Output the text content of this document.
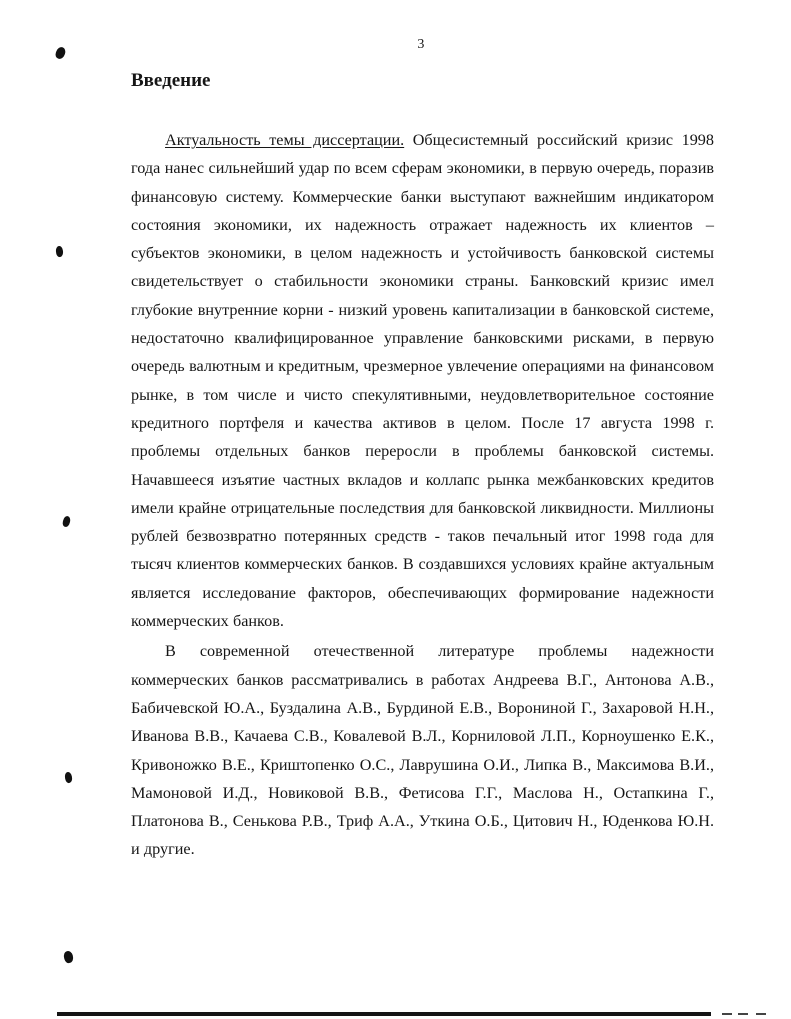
3
Введение

Актуальность темы диссертации. Общесистемный российский кризис 1998 года нанес сильнейший удар по всем сферам экономики, в первую очередь, поразив финансовую систему. Коммерческие банки выступают важнейшим индикатором состояния экономики, их надежность отражает надежность их клиентов – субъектов экономики, в целом надежность и устойчивость банковской системы свидетельствует о стабильности экономики страны. Банковский кризис имел глубокие внутренние корни - низкий уровень капитализации в банковской системе, недостаточно квалифицированное управление банковскими рисками, в первую очередь валютным и кредитным, чрезмерное увлечение операциями на финансовом рынке, в том числе и чисто спекулятивными, неудовлетворительное состояние кредитного портфеля и качества активов в целом. После 17 августа 1998 г. проблемы отдельных банков переросли в проблемы банковской системы. Начавшееся изъятие частных вкладов и коллапс рынка межбанковских кредитов имели крайне отрицательные последствия для банковской ликвидности. Миллионы рублей безвозвратно потерянных средств - таков печальный итог 1998 года для тысяч клиентов коммерческих банков. В создавшихся условиях крайне актуальным является исследование факторов, обеспечивающих формирование надежности коммерческих банков.

В современной отечественной литературе проблемы надежности коммерческих банков рассматривались в работах Андреева В.Г., Антонова А.В., Бабичевской Ю.А., Буздалина А.В., Бурдиной Е.В., Ворониной Г., Захаровой Н.Н., Иванова В.В., Качаева С.В., Ковалевой В.Л., Корниловой Л.П., Корноушенко Е.К., Кривоножко В.Е., Криштопенко О.С., Лаврушина О.И., Липка В., Максимова В.И., Мамоновой И.Д., Новиковой В.В., Фетисова Г.Г., Маслова Н., Остапкина Г., Платонова В., Сенькова Р.В., Триф А.А., Уткина О.Б., Цитович Н., Юденкова Ю.Н. и другие.
